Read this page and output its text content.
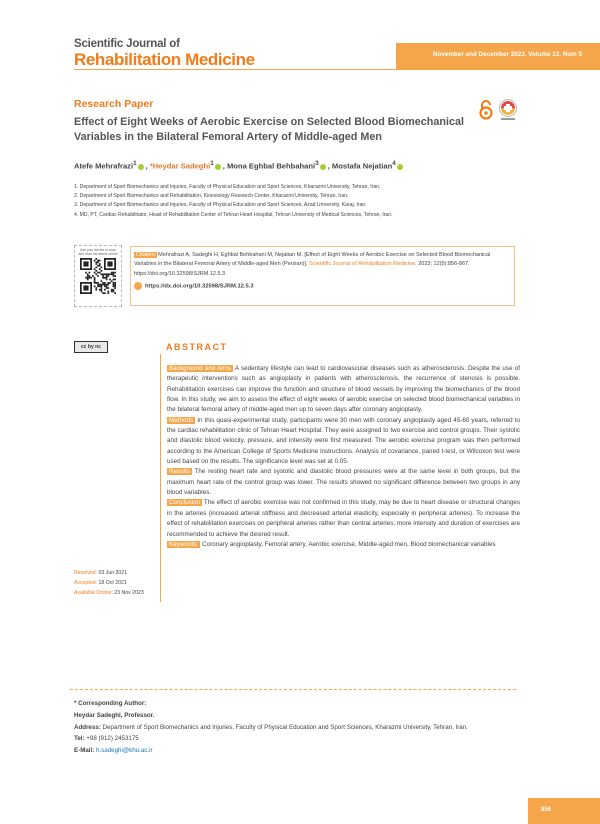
Scientific Journal of
Rehabilitation Medicine	November and December 2023. Volume 12. Num 5
Research Paper
Effect of Eight Weeks of Aerobic Exercise on Selected Blood Biomechanical Variables in the Bilateral Femoral Artery of Middle-aged Men
Atefe Mehrafrazi$^1$ , *Heydar Sadeghi$^1$ , Mona Eghbal Behbahani$^3$ , Mostafa Nejatian$^4$
1. Department of Sport Biomechanics and Injuries, Faculty of Physical Education and Sport Sciences, Kharazmi University, Tehran, Iran.
2. Department of Sport Biomechanics and Rehabilitation, Kinesiology Research Center, Kharazmi University, Tehran, Iran.
3. Department of Sport Biomechanics and Injuries, Faculty of Physical Education and Sport Sciences, Azad University, Karaj, Iran.
4. MD, PT, Cardiac Rehabilitator, Head of Rehabilitation Center of Tehran Heart Hospital, Tehran University of Medical Sciences, Tehran, Iran.
Use your device to scan and read the article online	Citation Mehrafrazi A, Sadeghi H, Eghbal Behbahani M, Nejatian M. [Effect of Eight Weeks of Aerobic Exercise on Selected Blood Biomechanical Variables in the Bilateral Femoral Artery of Middle-aged Men (Persian)]. Scientific Journal of Rehabilitation Medicine. 2023; 12(5):856-867. https://doi.org/10.32598/SJRM.12.5.3
https://dx.doi.org/10.32598/SJRM.12.5.3
cc by nc	ABSTRACT
Background and Aims A sedentary lifestyle can lead to cardiovascular diseases such as atherosclerosis. Despite the use of therapeutic interventions such as angioplasty in patients with atherosclerosis, the recurrence of stenosis is possible. Rehabilitation exercises can improve the function and structure of blood vessels by improving the biomechanics of the blood flow. In this study, we aim to assess the effect of eight weeks of aerobic exercise on selected blood biomechanical variables in the bilateral femoral artery of middle-aged men up to seven days after coronary angioplasty.
Methods In this quasi-experimental study, participants were 30 men with coronary angioplasty aged 45-60 years, referred to the cardiac rehabilitation clinic of Tehran Heart Hospital. They were assigned to two exercise and control groups. Their systolic and diastolic blood velocity, pressure, and intensity were first measured. The aerobic exercise program was then performed according to the American College of Sports Medicine instructions. Analysis of covariance, paired t-test, or Wilcoxon test were used based on the results. The significance level was set at 0.05.
Results The resting heart rate and systolic and diastolic blood pressures were at the same level in both groups, but the maximum heart rate of the control group was lower. The results showed no significant difference between two groups in any blood variables.
Conclusion The effect of aerobic exercise was not confirmed in this study, may be due to heart disease or structural changes in the arteries (increased arterial stiffness and decreased arterial elasticity, especially in peripheral arteries). To increase the effect of rehabilitation exercises on peripheral arteries rather than central arteries, more intensity and duration of exercises are recommended to achieve the desired result.
Keywords: Coronary angioplasty, Femoral artery, Aerobic exercise, Middle-aged men, Blood biomechanical variables
Received: 03 Jun 2021
Accepted: 18 Oct 2021
Available Online: 23 Nov 2023
* Corresponding Author:
Heydar Sadeghi, Professor.
Address: Department of Sport Biomechanics and Injuries, Faculty of Physical Education and Sport Sciences, Kharazmi University, Tehran, Iran.
Tel: +98 (912) 2453175
E-Mail: h.sadeghi@khu.ac.ir
856
